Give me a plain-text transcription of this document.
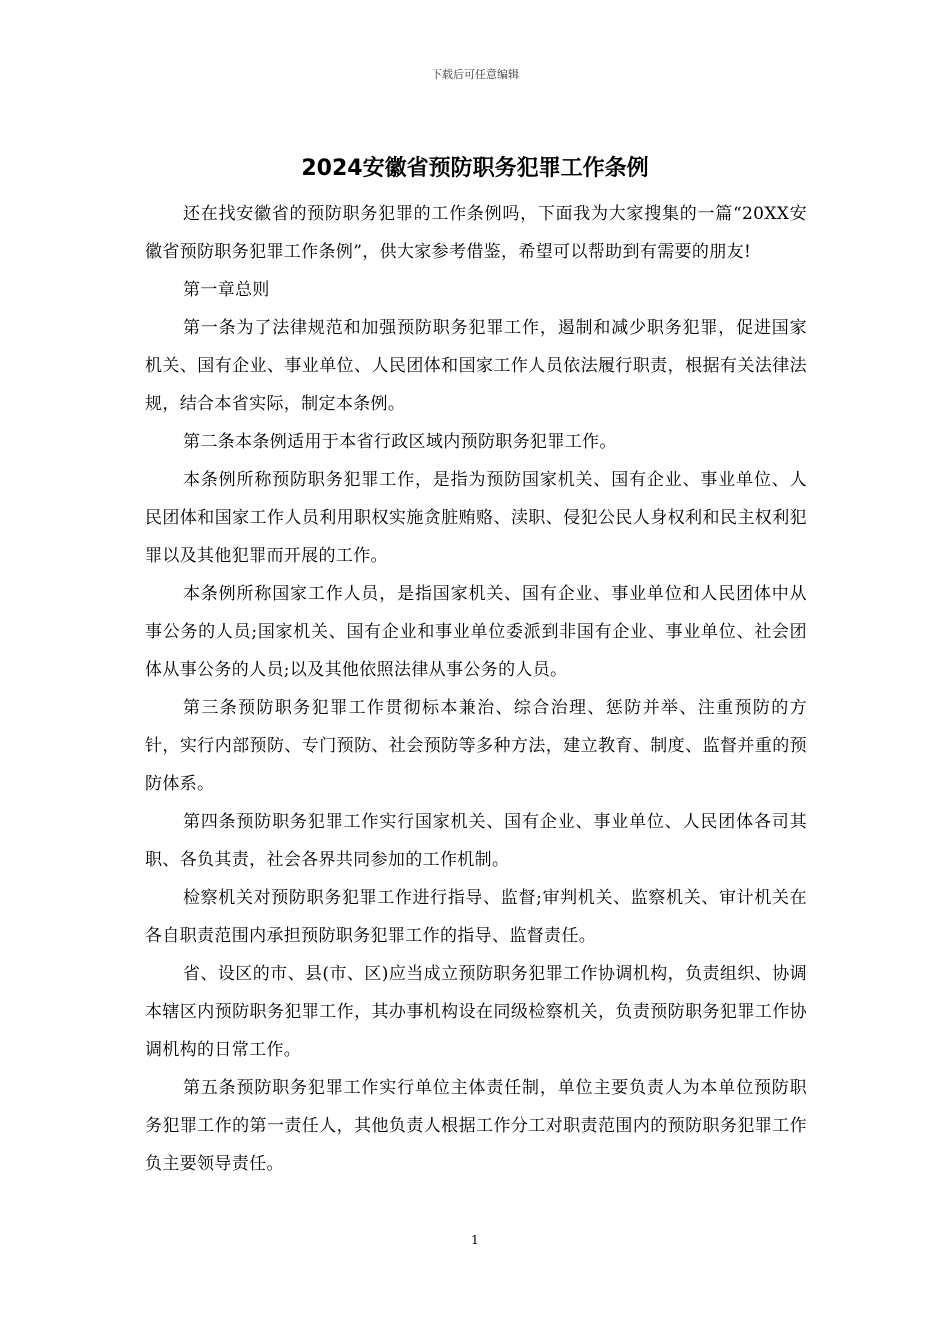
下载后可任意编辑
2024安徽省预防职务犯罪工作条例

还在找安徽省的预防职务犯罪的工作条例吗，下面我为大家搜集的一篇“20XX安徽省预防职务犯罪工作条例”，供大家参考借鉴，希望可以帮助到有需要的朋友!

第一章总则

第一条为了法律规范和加强预防职务犯罪工作，遏制和减少职务犯罪，促进国家机关、国有企业、事业单位、人民团体和国家工作人员依法履行职责，根据有关法律法规，结合本省实际，制定本条例。

第二条本条例适用于本省行政区域内预防职务犯罪工作。

本条例所称预防职务犯罪工作，是指为预防国家机关、国有企业、事业单位、人民团体和国家工作人员利用职权实施贪脏贿赂、渎职、侵犯公民人身权利和民主权利犯罪以及其他犯罪而开展的工作。

本条例所称国家工作人员，是指国家机关、国有企业、事业单位和人民团体中从事公务的人员;国家机关、国有企业和事业单位委派到非国有企业、事业单位、社会团体从事公务的人员;以及其他依照法律从事公务的人员。

第三条预防职务犯罪工作贯彻标本兼治、综合治理、惩防并举、注重预防的方针，实行内部预防、专门预防、社会预防等多种方法，建立教育、制度、监督并重的预防体系。

第四条预防职务犯罪工作实行国家机关、国有企业、事业单位、人民团体各司其职、各负其责，社会各界共同参加的工作机制。

检察机关对预防职务犯罪工作进行指导、监督;审判机关、监察机关、审计机关在各自职责范围内承担预防职务犯罪工作的指导、监督责任。

省、设区的市、县(市、区)应当成立预防职务犯罪工作协调机构，负责组织、协调本辖区内预防职务犯罪工作，其办事机构设在同级检察机关，负责预防职务犯罪工作协调机构的日常工作。

第五条预防职务犯罪工作实行单位主体责任制，单位主要负责人为本单位预防职务犯罪工作的第一责任人，其他负责人根据工作分工对职责范围内的预防职务犯罪工作负主要领导责任。

1
